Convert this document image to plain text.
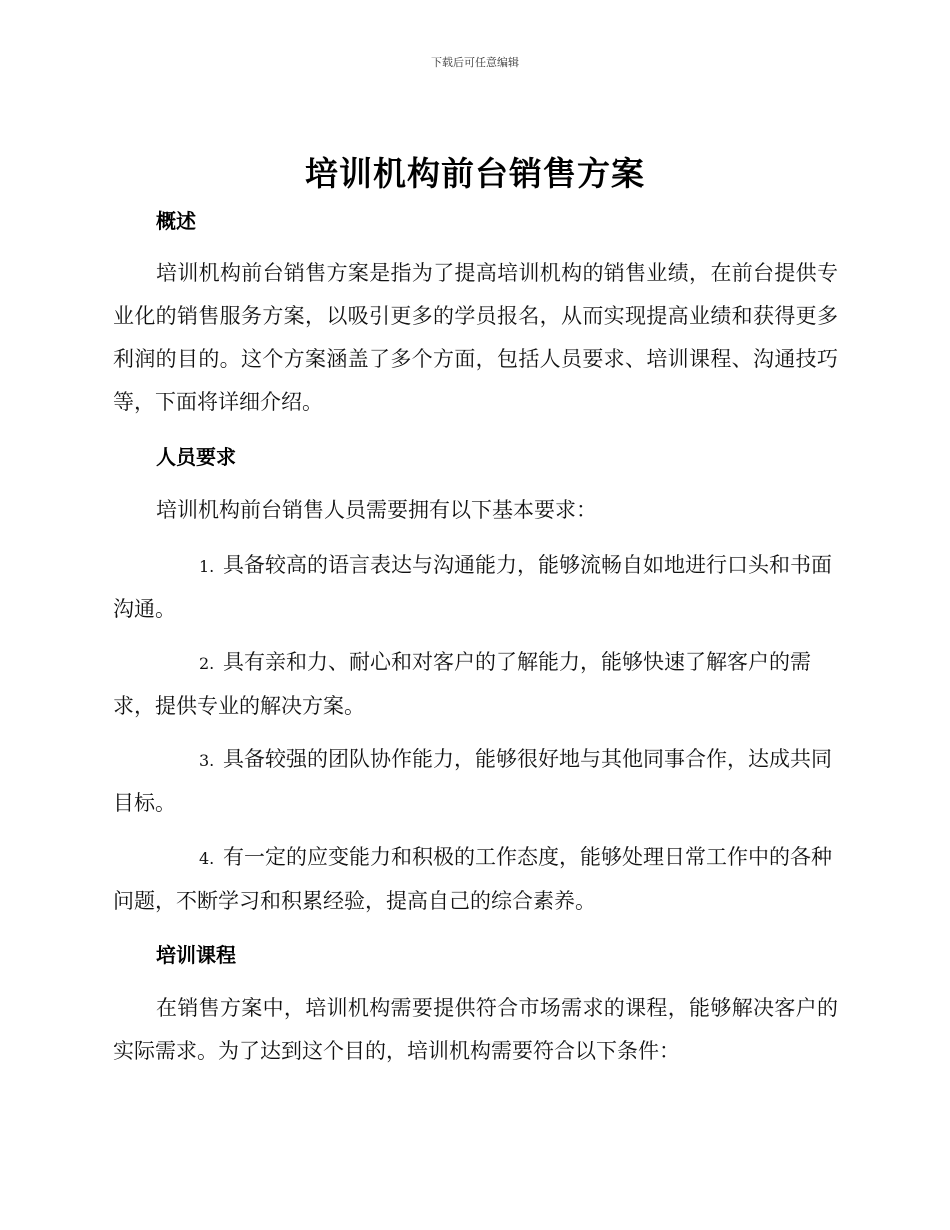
下载后可任意编辑
培训机构前台销售方案
概述

培训机构前台销售方案是指为了提高培训机构的销售业绩，在前台提供专业化的销售服务方案，以吸引更多的学员报名，从而实现提高业绩和获得更多利润的目的。这个方案涵盖了多个方面，包括人员要求、培训课程、沟通技巧等，下面将详细介绍。

人员要求

培训机构前台销售人员需要拥有以下基本要求：

1. 具备较高的语言表达与沟通能力，能够流畅自如地进行口头和书面沟通。

2. 具有亲和力、耐心和对客户的了解能力，能够快速了解客户的需求，提供专业的解决方案。

3. 具备较强的团队协作能力，能够很好地与其他同事合作，达成共同目标。

4. 有一定的应变能力和积极的工作态度，能够处理日常工作中的各种问题，不断学习和积累经验，提高自己的综合素养。

培训课程

在销售方案中，培训机构需要提供符合市场需求的课程，能够解决客户的实际需求。为了达到这个目的，培训机构需要符合以下条件：
